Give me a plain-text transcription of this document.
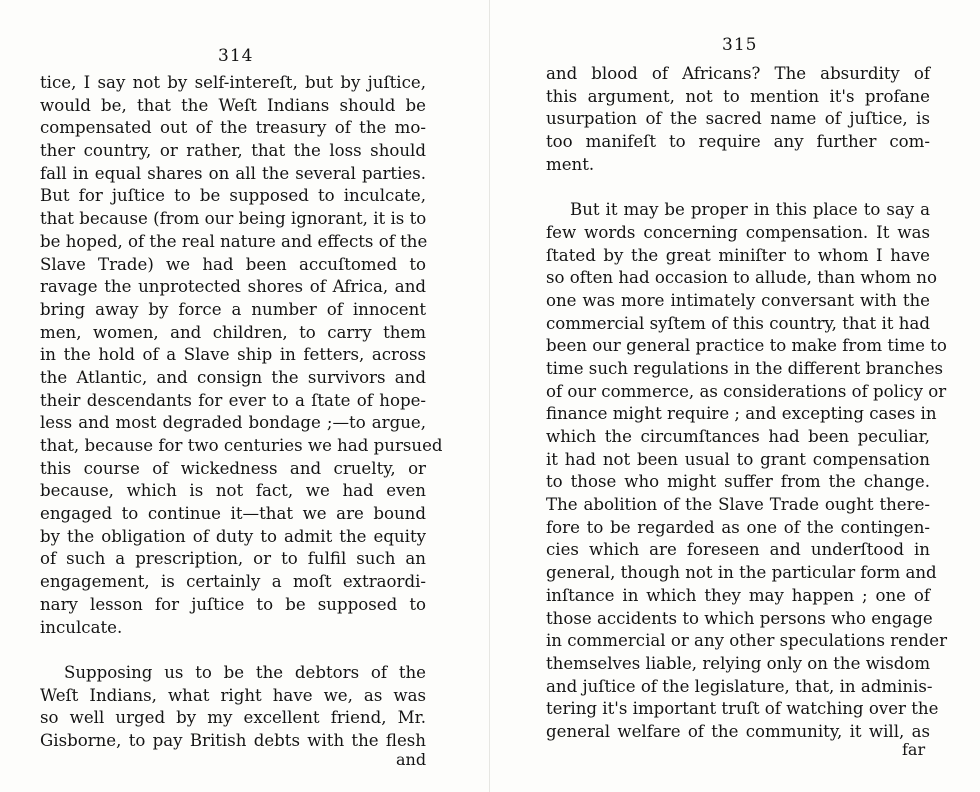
314
tice, I say not by self-intereſt, but by juſtice,
would be, that the Weſt Indians should be
compensated out of the treasury of the mo-
ther country, or rather, that the loss should
fall in equal shares on all the several parties.
But for juſtice to be supposed to inculcate,
that because (from our being ignorant, it is to
be hoped, of the real nature and effects of the
Slave Trade) we had been accuſtomed to
ravage the unprotected shores of Africa, and
bring away by force a number of innocent
men, women, and children, to carry them
in the hold of a Slave ship in fetters, across
the Atlantic, and consign the survivors and
their descendants for ever to a ſtate of hope-
less and most degraded bondage ;—to argue,
that, because for two centuries we had pursued
this course of wickedness and cruelty, or
because, which is not fact, we had even
engaged to continue it—that we are bound
by the obligation of duty to admit the equity
of such a prescription, or to fulfil such an
engagement, is certainly a moſt extraordi-
nary lesson for juſtice to be supposed to
inculcate.
Supposing us to be the debtors of the
Weſt Indians, what right have we, as was
so well urged by my excellent friend, Mr.
Gisborne, to pay British debts with the flesh
and
315
and blood of Africans? The absurdity of
this argument, not to mention it's profane
usurpation of the sacred name of juſtice, is
too manifeſt to require any further com-
ment.
But it may be proper in this place to say a
few words concerning compensation. It was
ſtated by the great miniſter to whom I have
so often had occasion to allude, than whom no
one was more intimately conversant with the
commercial syſtem of this country, that it had
been our general practice to make from time to
time such regulations in the different branches
of our commerce, as considerations of policy or
finance might require ; and excepting cases in
which the circumſtances had been peculiar,
it had not been usual to grant compensation
to those who might suffer from the change.
The abolition of the Slave Trade ought there-
fore to be regarded as one of the contingen-
cies which are foreseen and underſtood in
general, though not in the particular form and
inſtance in which they may happen ; one of
those accidents to which persons who engage
in commercial or any other speculations render
themselves liable, relying only on the wisdom
and juſtice of the legislature, that, in adminis-
tering it's important truſt of watching over the
general welfare of the community, it will, as
far
